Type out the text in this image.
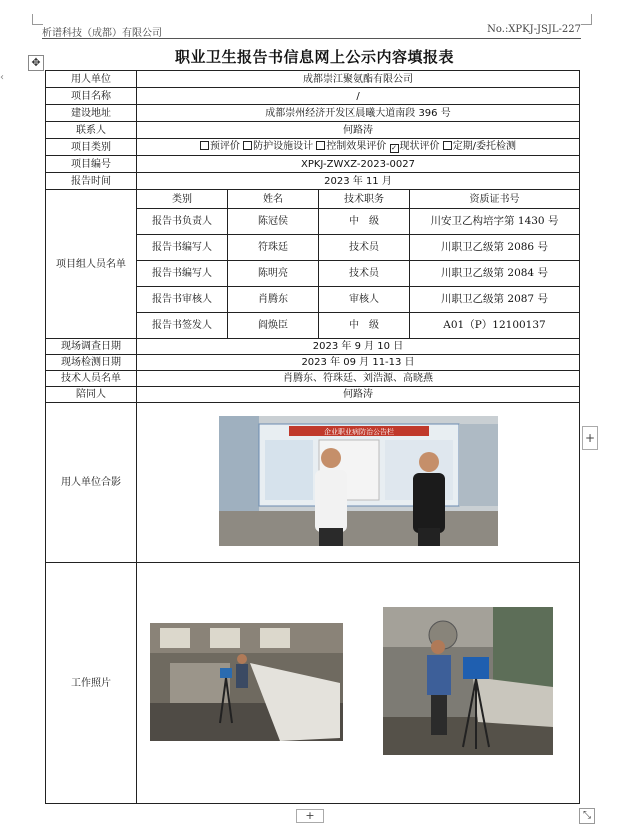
析谱科技（成都）有限公司	No.:XPKJ-JSJL-227
‹
✥	职业卫生报告书信息网上公示内容填报表
用人单位	成都崇江聚氨酯有限公司			
项目名称	/			
建设地址	成都崇州经济开发区晨曦大道南段 396 号			
联系人	何路涛			
项目类别	预评价 防护设施设计 控制效果评价 ✓ 现状评价 定期/委托检测			
项目编号	XPKJ-ZWXZ-2023-0027			
报告时间	2023 年 11 月			
项目组人员名单	类别	姓名	技术职务	资质证书号
	报告书负责人	陈冠侯	中　级	川安卫乙构培字第 1430 号
	报告书编写人	符珠廷	技术员	川职卫乙级第 2086 号
	报告书编写人	陈明亮	技术员	川职卫乙级第 2084 号
	报告书审核人	肖腾东	审核人	川职卫乙级第 2087 号
	报告书签发人	阎焕臣	中　级	A01（P）12100137
现场调查日期	2023 年 9 月 10 日			
现场检测日期	2023 年 09 月 11-13 日			
技术人员名单	肖腾东、符珠廷、刘浩源、高晓燕			
陪同人	何路涛			
用人单位合影	企业职业病防治公告栏			

工作照片	
+
+	⤡
